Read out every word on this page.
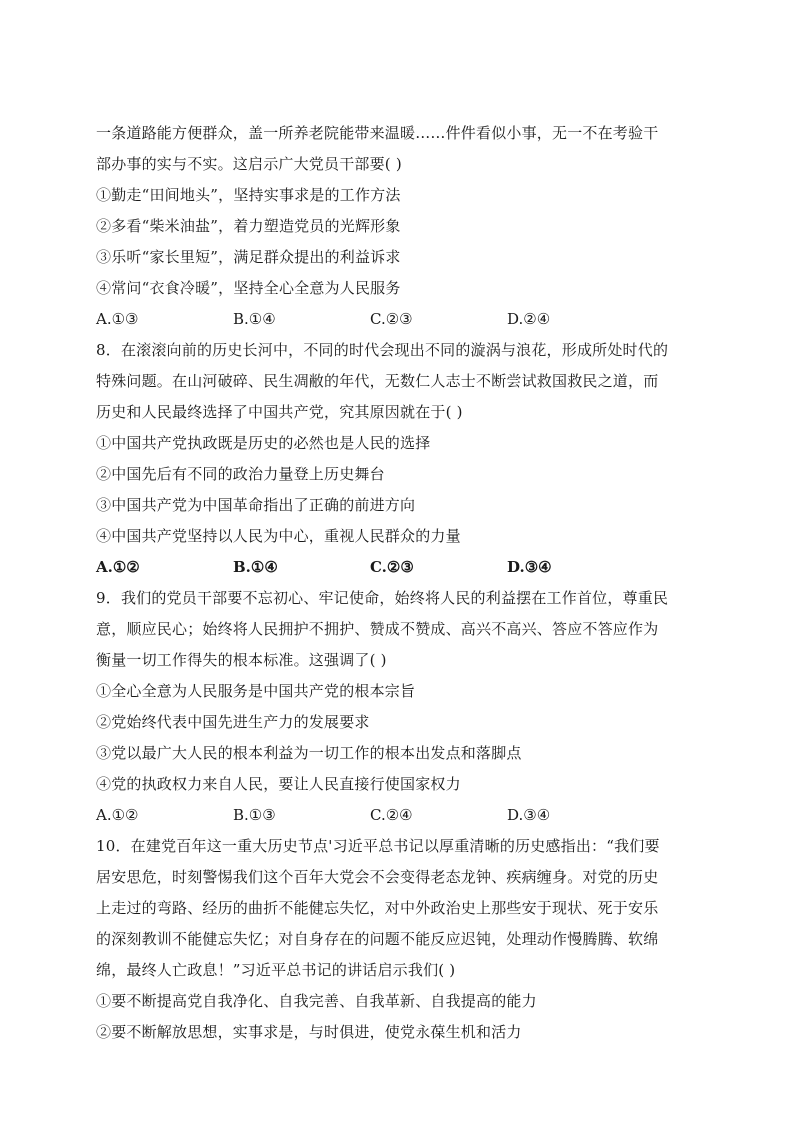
一条道路能方便群众，盖一所养老院能带来温暖……件件看似小事，无一不在考验干
部办事的实与不实。这启示广大党员干部要( )
①勤走“田间地头”，坚持实事求是的工作方法
②多看“柴米油盐”，着力塑造党员的光辉形象
③乐听“家长里短”，满足群众提出的利益诉求
④常问“衣食冷暖”，坚持全心全意为人民服务
A.①③	B.①④	C.②③	D.②④
8．在滚滚向前的历史长河中，不同的时代会现出不同的漩涡与浪花，形成所处时代的
特殊问题。在山河破碎、民生凋敝的年代，无数仁人志士不断尝试救国救民之道，而
历史和人民最终选择了中国共产党，究其原因就在于( )
①中国共产党执政既是历史的必然也是人民的选择
②中国先后有不同的政治力量登上历史舞台
③中国共产党为中国革命指出了正确的前进方向
④中国共产党坚持以人民为中心，重视人民群众的力量
A.①②	B.①④	C.②③	D.③④
9．我们的党员干部要不忘初心、牢记使命，始终将人民的利益摆在工作首位，尊重民
意，顺应民心；始终将人民拥护不拥护、赞成不赞成、高兴不高兴、答应不答应作为
衡量一切工作得失的根本标准。这强调了( )
①全心全意为人民服务是中国共产党的根本宗旨
②党始终代表中国先进生产力的发展要求
③党以最广大人民的根本利益为一切工作的根本出发点和落脚点
④党的执政权力来自人民，要让人民直接行使国家权力
A.①②	B.①③	C.②④	D.③④
10．在建党百年这一重大历史节点'习近平总书记以厚重清晰的历史感指出：“我们要
居安思危，时刻警惕我们这个百年大党会不会变得老态龙钟、疾病缠身。对党的历史
上走过的弯路、经历的曲折不能健忘失忆，对中外政治史上那些安于现状、死于安乐
的深刻教训不能健忘失忆；对自身存在的问题不能反应迟钝，处理动作慢腾腾、软绵
绵，最终人亡政息！”习近平总书记的讲话启示我们( )
①要不断提高党自我净化、自我完善、自我革新、自我提高的能力
②要不断解放思想，实事求是，与时俱进，使党永葆生机和活力
